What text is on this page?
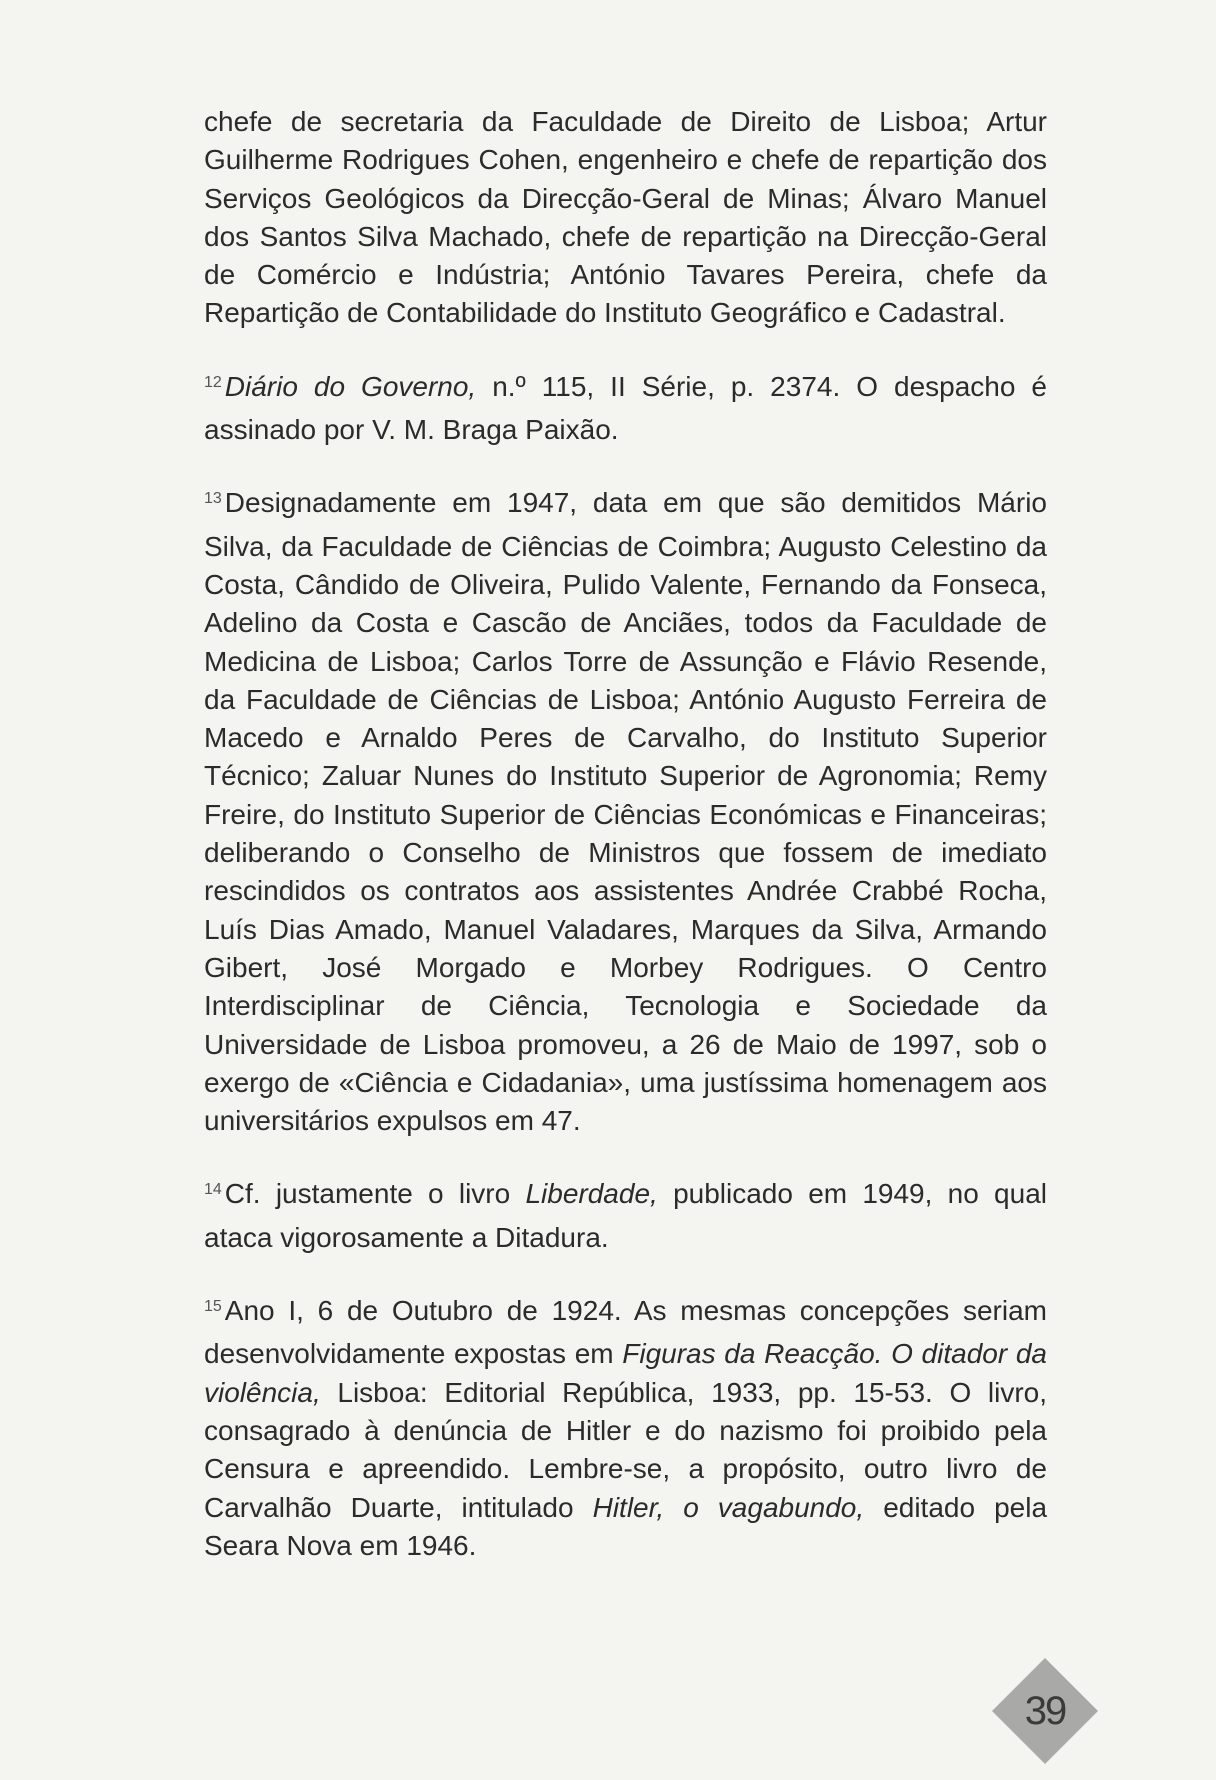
chefe de secretaria da Faculdade de Direito de Lisboa; Artur Guilherme Rodrigues Cohen, engenheiro e chefe de repartição dos Serviços Geológicos da Direcção-Geral de Minas; Álvaro Manuel dos Santos Silva Machado, chefe de repartição na Direcção-Geral de Comércio e Indústria; António Tavares Pereira, chefe da Repartição de Contabilidade do Instituto Geográfico e Cadastral.

$^{12}$ Diário do Governo, n.º 115, II Série, p. 2374. O despacho é assinado por V. M. Braga Paixão.

$^{13}$ Designadamente em 1947, data em que são demitidos Mário Silva, da Faculdade de Ciências de Coimbra; Augusto Celestino da Costa, Cândido de Oliveira, Pulido Valente, Fernando da Fonseca, Adelino da Costa e Cascão de Anciães, todos da Faculdade de Medicina de Lisboa; Carlos Torre de Assunção e Flávio Resende, da Faculdade de Ciências de Lisboa; António Augusto Ferreira de Macedo e Arnaldo Peres de Carvalho, do Instituto Superior Técnico; Zaluar Nunes do Instituto Superior de Agronomia; Remy Freire, do Instituto Superior de Ciências Económicas e Financeiras; deliberando o Conselho de Ministros que fossem de imediato rescindidos os contratos aos assistentes Andrée Crabbé Rocha, Luís Dias Amado, Manuel Valadares, Marques da Silva, Armando Gibert, José Morgado e Morbey Rodrigues. O Centro Interdisciplinar de Ciência, Tecnologia e Sociedade da Universidade de Lisboa promoveu, a 26 de Maio de 1997, sob o exergo de «Ciência e Cidadania», uma justíssima homenagem aos universitários expulsos em 47.

$^{14}$ Cf. justamente o livro Liberdade, publicado em 1949, no qual ataca vigorosamente a Ditadura.

$^{15}$ Ano I, 6 de Outubro de 1924. As mesmas concepções seriam desenvolvidamente expostas em Figuras da Reacção. O ditador da violência, Lisboa: Editorial República, 1933, pp. 15-53. O livro, consagrado à denúncia de Hitler e do nazismo foi proibido pela Censura e apreendido. Lembre-se, a propósito, outro livro de Carvalhão Duarte, intitulado Hitler, o vagabundo, editado pela Seara Nova em 1946.

39
